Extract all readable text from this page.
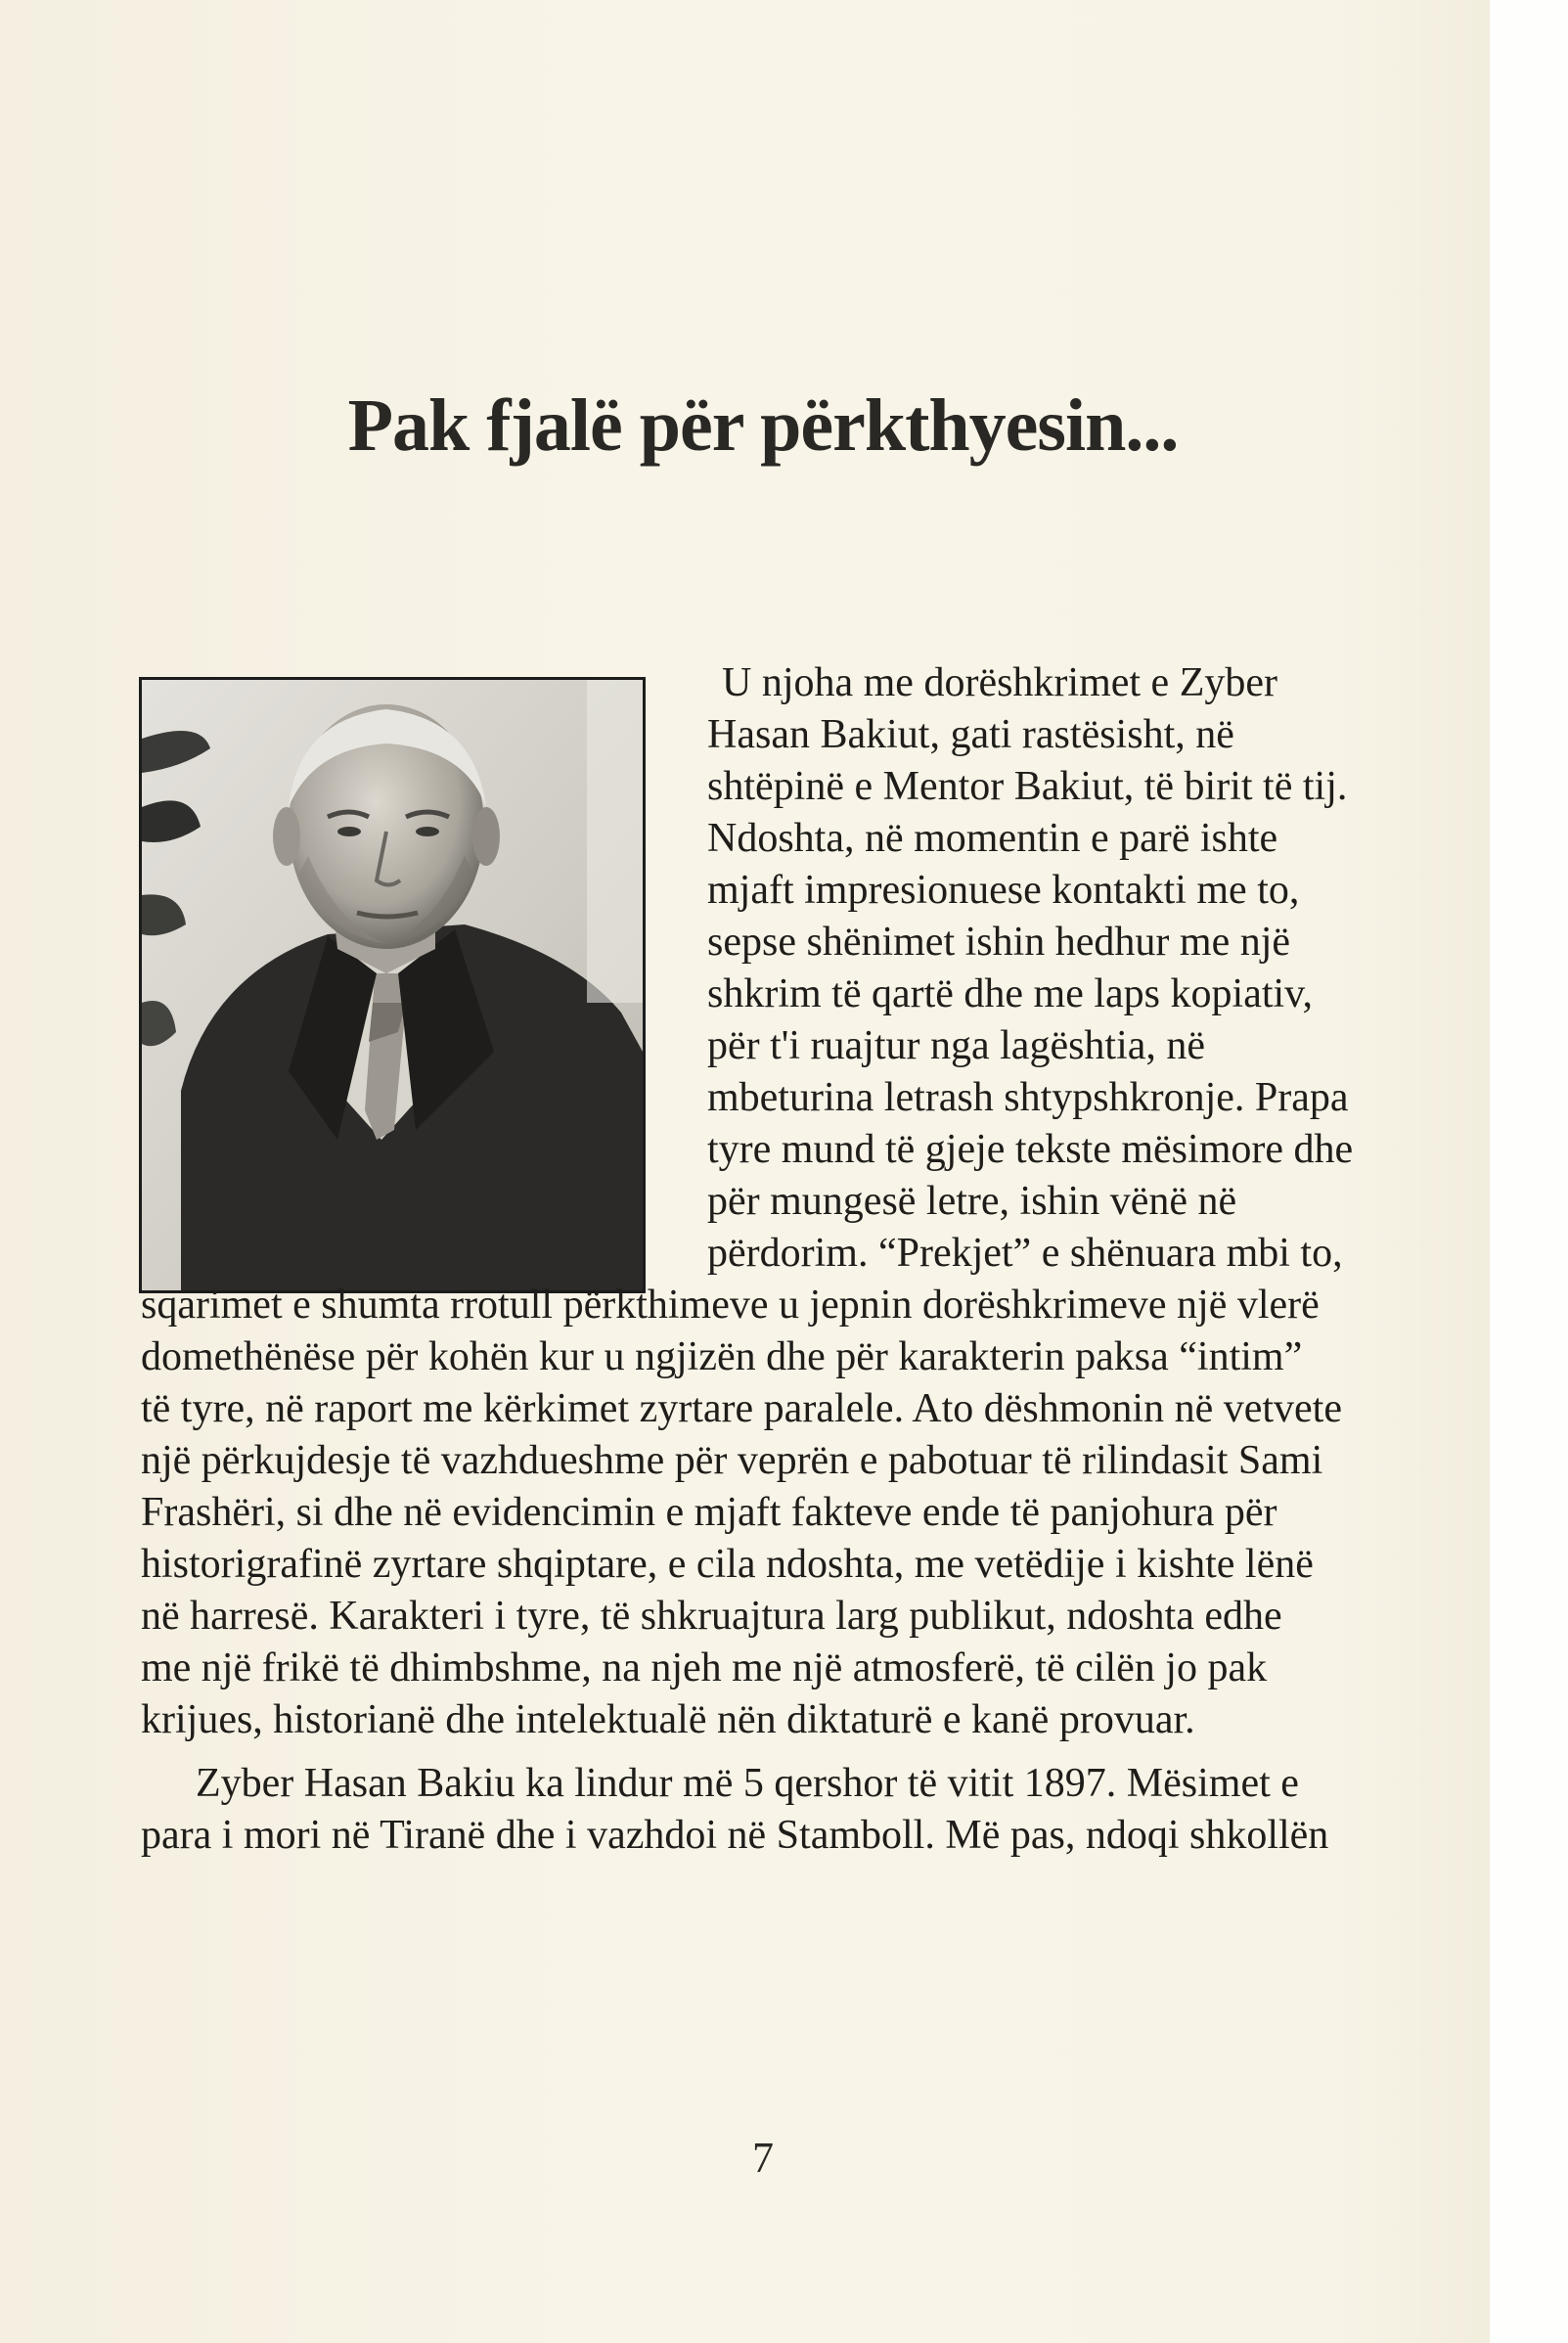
Pak fjalë për përkthyesin...

U njoha me dorëshkrimet e Zyber

Hasan Bakiut, gati rastësisht, në

shtëpinë e Mentor Bakiut, të birit të tij.

Ndoshta, në momentin e parë ishte

mjaft impresionuese kontakti me to,

sepse shënimet ishin hedhur me një

shkrim të qartë dhe me laps kopiativ,

për t'i ruajtur nga lagështia, në

mbeturina letrash shtypshkronje. Prapa

tyre mund të gjeje tekste mësimore dhe

për mungesë letre, ishin vënë në

përdorim. “Prekjet” e shënuara mbi to,

sqarimet e shumta rrotull përkthimeve u jepnin dorëshkrimeve një vlerë

domethënëse për kohën kur u ngjizën dhe për karakterin paksa “intim”

të tyre, në raport me kërkimet zyrtare paralele. Ato dëshmonin në vetvete

një përkujdesje të vazhdueshme për veprën e pabotuar të rilindasit Sami

Frashëri, si dhe në evidencimin e mjaft fakteve ende të panjohura për

historigrafinë zyrtare shqiptare, e cila ndoshta, me vetëdije i kishte lënë

në harresë. Karakteri i tyre, të shkruajtura larg publikut, ndoshta edhe

me një frikë të dhimbshme, na njeh me një atmosferë, të cilën jo pak

krijues, historianë dhe intelektualë nën diktaturë e kanë provuar.

Zyber Hasan Bakiu ka lindur më 5 qershor të vitit 1897. Mësimet e

para i mori në Tiranë dhe i vazhdoi në Stamboll. Më pas, ndoqi shkollën

7
